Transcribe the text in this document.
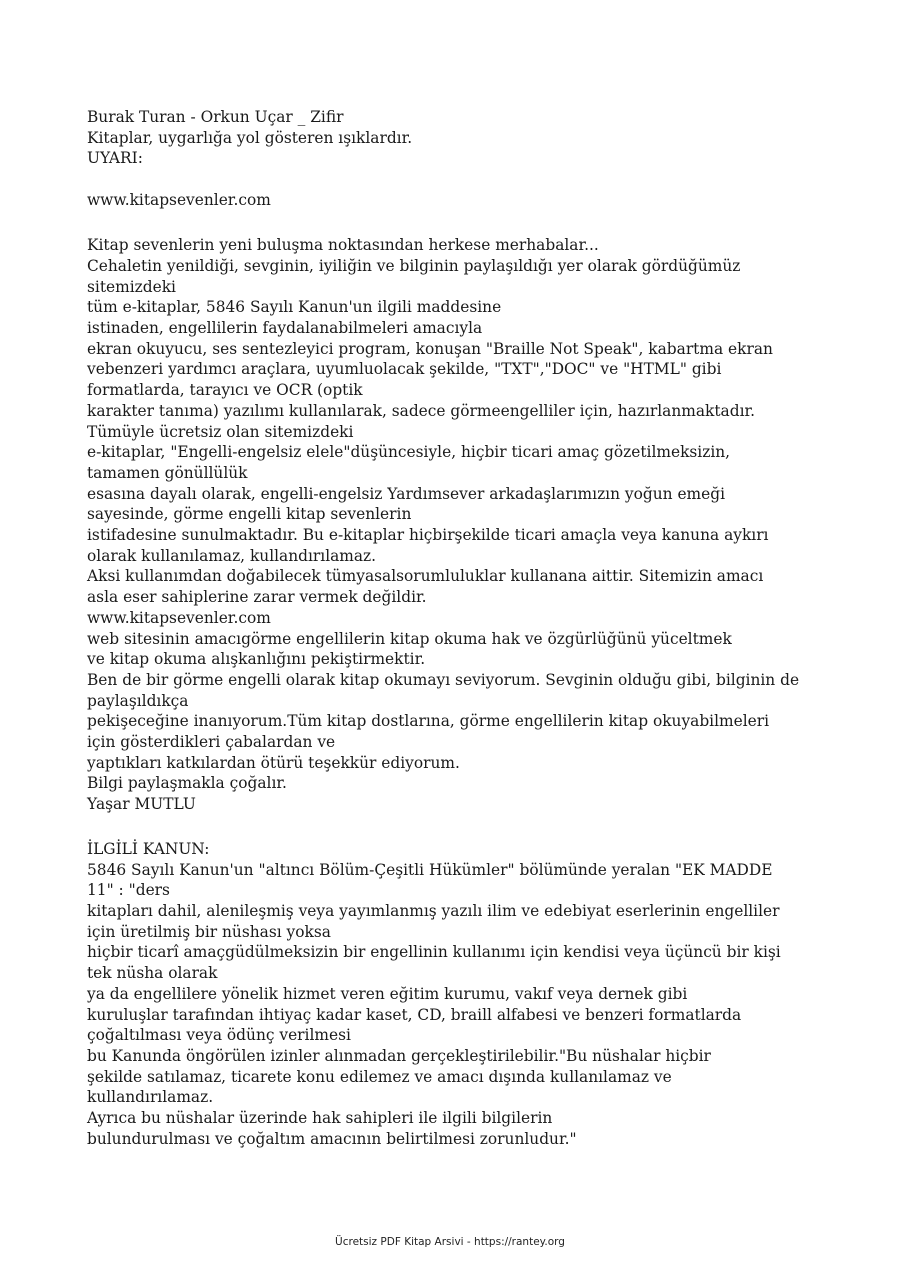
Burak Turan - Orkun Uçar _ Zifir
Kitaplar, uygarlığa yol gösteren ışıklardır.
UYARI:
www.kitapsevenler.com
Kitap sevenlerin yeni buluşma noktasından herkese merhabalar...
Cehaletin yenildiği, sevginin, iyiliğin ve bilginin paylaşıldığı yer olarak gördüğümüz
sitemizdeki
tüm e-kitaplar, 5846 Sayılı Kanun'un ilgili maddesine
istinaden, engellilerin faydalanabilmeleri amacıyla
ekran okuyucu, ses sentezleyici program, konuşan "Braille Not Speak", kabartma ekran
vebenzeri yardımcı araçlara, uyumluolacak şekilde, "TXT","DOC" ve "HTML" gibi
formatlarda, tarayıcı ve OCR (optik
karakter tanıma) yazılımı kullanılarak, sadece görmeengelliler için, hazırlanmaktadır.
Tümüyle ücretsiz olan sitemizdeki
e-kitaplar, "Engelli-engelsiz elele"düşüncesiyle, hiçbir ticari amaç gözetilmeksizin,
tamamen gönüllülük
esasına dayalı olarak, engelli-engelsiz Yardımsever arkadaşlarımızın yoğun emeği
sayesinde, görme engelli kitap sevenlerin
istifadesine sunulmaktadır. Bu e-kitaplar hiçbirşekilde ticari amaçla veya kanuna aykırı
olarak kullanılamaz, kullandırılamaz.
Aksi kullanımdan doğabilecek tümyasalsorumluluklar kullanana aittir. Sitemizin amacı
asla eser sahiplerine zarar vermek değildir.
www.kitapsevenler.com
web sitesinin amacıgörme engellilerin kitap okuma hak ve özgürlüğünü yüceltmek
ve kitap okuma alışkanlığını pekiştirmektir.
Ben de bir görme engelli olarak kitap okumayı seviyorum. Sevginin olduğu gibi, bilginin de
paylaşıldıkça
pekişeceğine inanıyorum.Tüm kitap dostlarına, görme engellilerin kitap okuyabilmeleri
için gösterdikleri çabalardan ve
yaptıkları katkılardan ötürü teşekkür ediyorum.
Bilgi paylaşmakla çoğalır.
Yaşar MUTLU
İLGİLİ KANUN:
5846 Sayılı Kanun'un "altıncı Bölüm-Çeşitli Hükümler" bölümünde yeralan "EK MADDE
11" : "ders
kitapları dahil, alenileşmiş veya yayımlanmış yazılı ilim ve edebiyat eserlerinin engelliler
için üretilmiş bir nüshası yoksa
hiçbir ticarî amaçgüdülmeksizin bir engellinin kullanımı için kendisi veya üçüncü bir kişi
tek nüsha olarak
ya da engellilere yönelik hizmet veren eğitim kurumu, vakıf veya dernek gibi
kuruluşlar tarafından ihtiyaç kadar kaset, CD, braill alfabesi ve benzeri formatlarda
çoğaltılması veya ödünç verilmesi
bu Kanunda öngörülen izinler alınmadan gerçekleştirilebilir."Bu nüshalar hiçbir
şekilde satılamaz, ticarete konu edilemez ve amacı dışında kullanılamaz ve
kullandırılamaz.
Ayrıca bu nüshalar üzerinde hak sahipleri ile ilgili bilgilerin
bulundurulması ve çoğaltım amacının belirtilmesi zorunludur."
Ücretsiz PDF Kitap Arsivi - https://rantey.org
